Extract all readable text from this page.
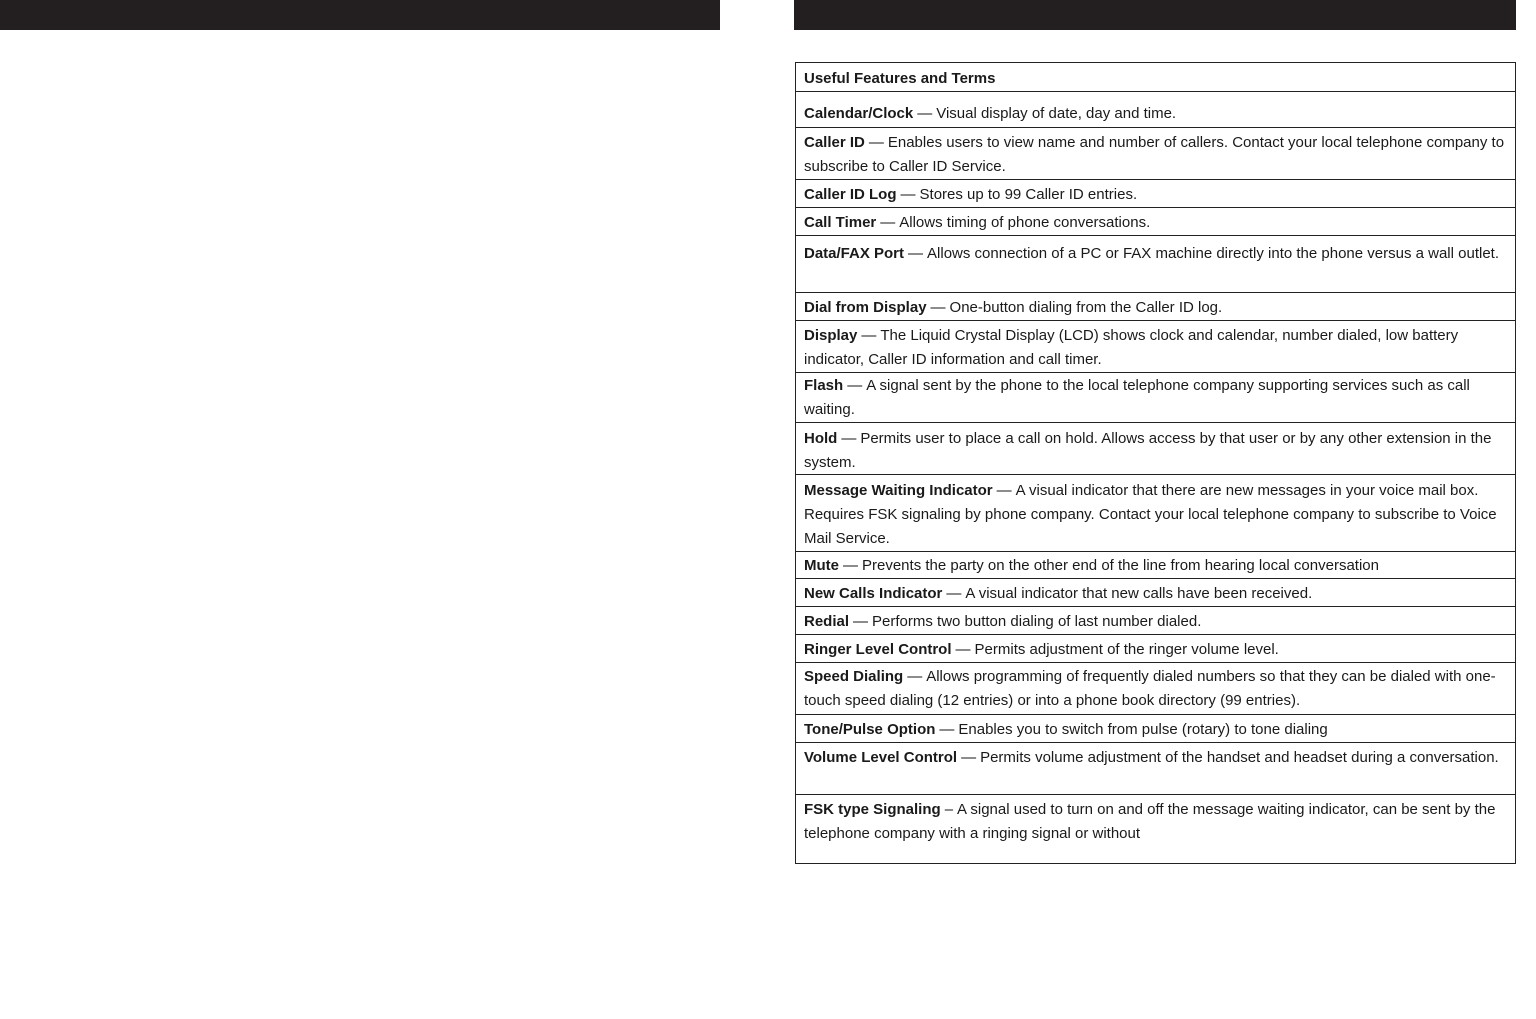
Useful Features and Terms
Calendar/Clock — Visual display of date, day and time.
Caller ID — Enables users to view name and number of callers. Contact your local telephone company to subscribe to Caller ID Service.
Caller ID Log — Stores up to 99 Caller ID entries.
Call Timer — Allows timing of phone conversations.
Data/FAX Port — Allows connection of a PC or FAX machine directly into the phone versus a wall outlet.
Dial from Display — One-button dialing from the Caller ID log.
Display — The Liquid Crystal Display (LCD) shows clock and calendar, number dialed, low battery indicator, Caller ID information and call timer.
Flash — A signal sent by the phone to the local telephone company supporting services such as call waiting.
Hold — Permits user to place a call on hold. Allows access by that user or by any other extension in the system.
Message Waiting Indicator — A visual indicator that there are new messages in your voice mail box. Requires FSK signaling by phone company. Contact your local telephone company to subscribe to Voice Mail Service.
Mute — Prevents the party on the other end of the line from hearing local conversation
New Calls Indicator — A visual indicator that new calls have been received.
Redial — Performs two button dialing of last number dialed.
Ringer Level Control — Permits adjustment of the ringer volume level.
Speed Dialing — Allows programming of frequently dialed numbers so that they can be dialed with one-touch speed dialing (12 entries) or into a phone book directory (99 entries).
Tone/Pulse Option — Enables you to switch from pulse (rotary) to tone dialing
Volume Level Control — Permits volume adjustment of the handset and headset during a conversation.
FSK type Signaling – A signal used to turn on and off the message waiting indicator, can be sent by the telephone company with a ringing signal or without
